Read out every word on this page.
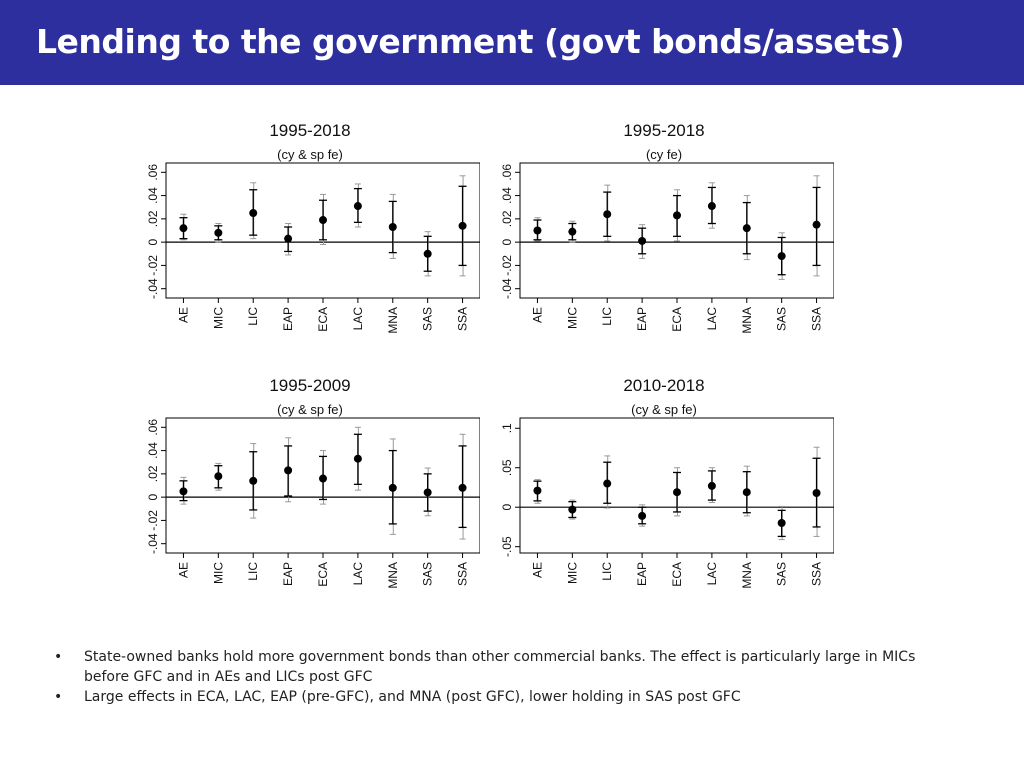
Lending to the government (govt bonds/assets)
1995-2018
(cy & sp fe)
-.04
-.02
0
.02
.04
.06
AE MIC LIC EAP ECA LAC MNA SAS SSA
1995-2018
(cy fe)
-.04
-.02
0
.02
.04
.06
AE MIC LIC EAP ECA LAC MNA SAS SSA
1995-2009
(cy & sp fe)
-.04
-.02
0
.02
.04
.06
AE MIC LIC EAP ECA LAC MNA SAS SSA
2010-2018
(cy & sp fe)
-.05
0
.05
.1
AE MIC LIC EAP ECA LAC MNA SAS SSA
• State-owned banks hold more government bonds than other commercial banks. The effect is particularly large in MICs before GFC and in AEs and LICs post GFC
• Large effects in ECA, LAC, EAP (pre-GFC), and MNA (post GFC), lower holding in SAS post GFC
